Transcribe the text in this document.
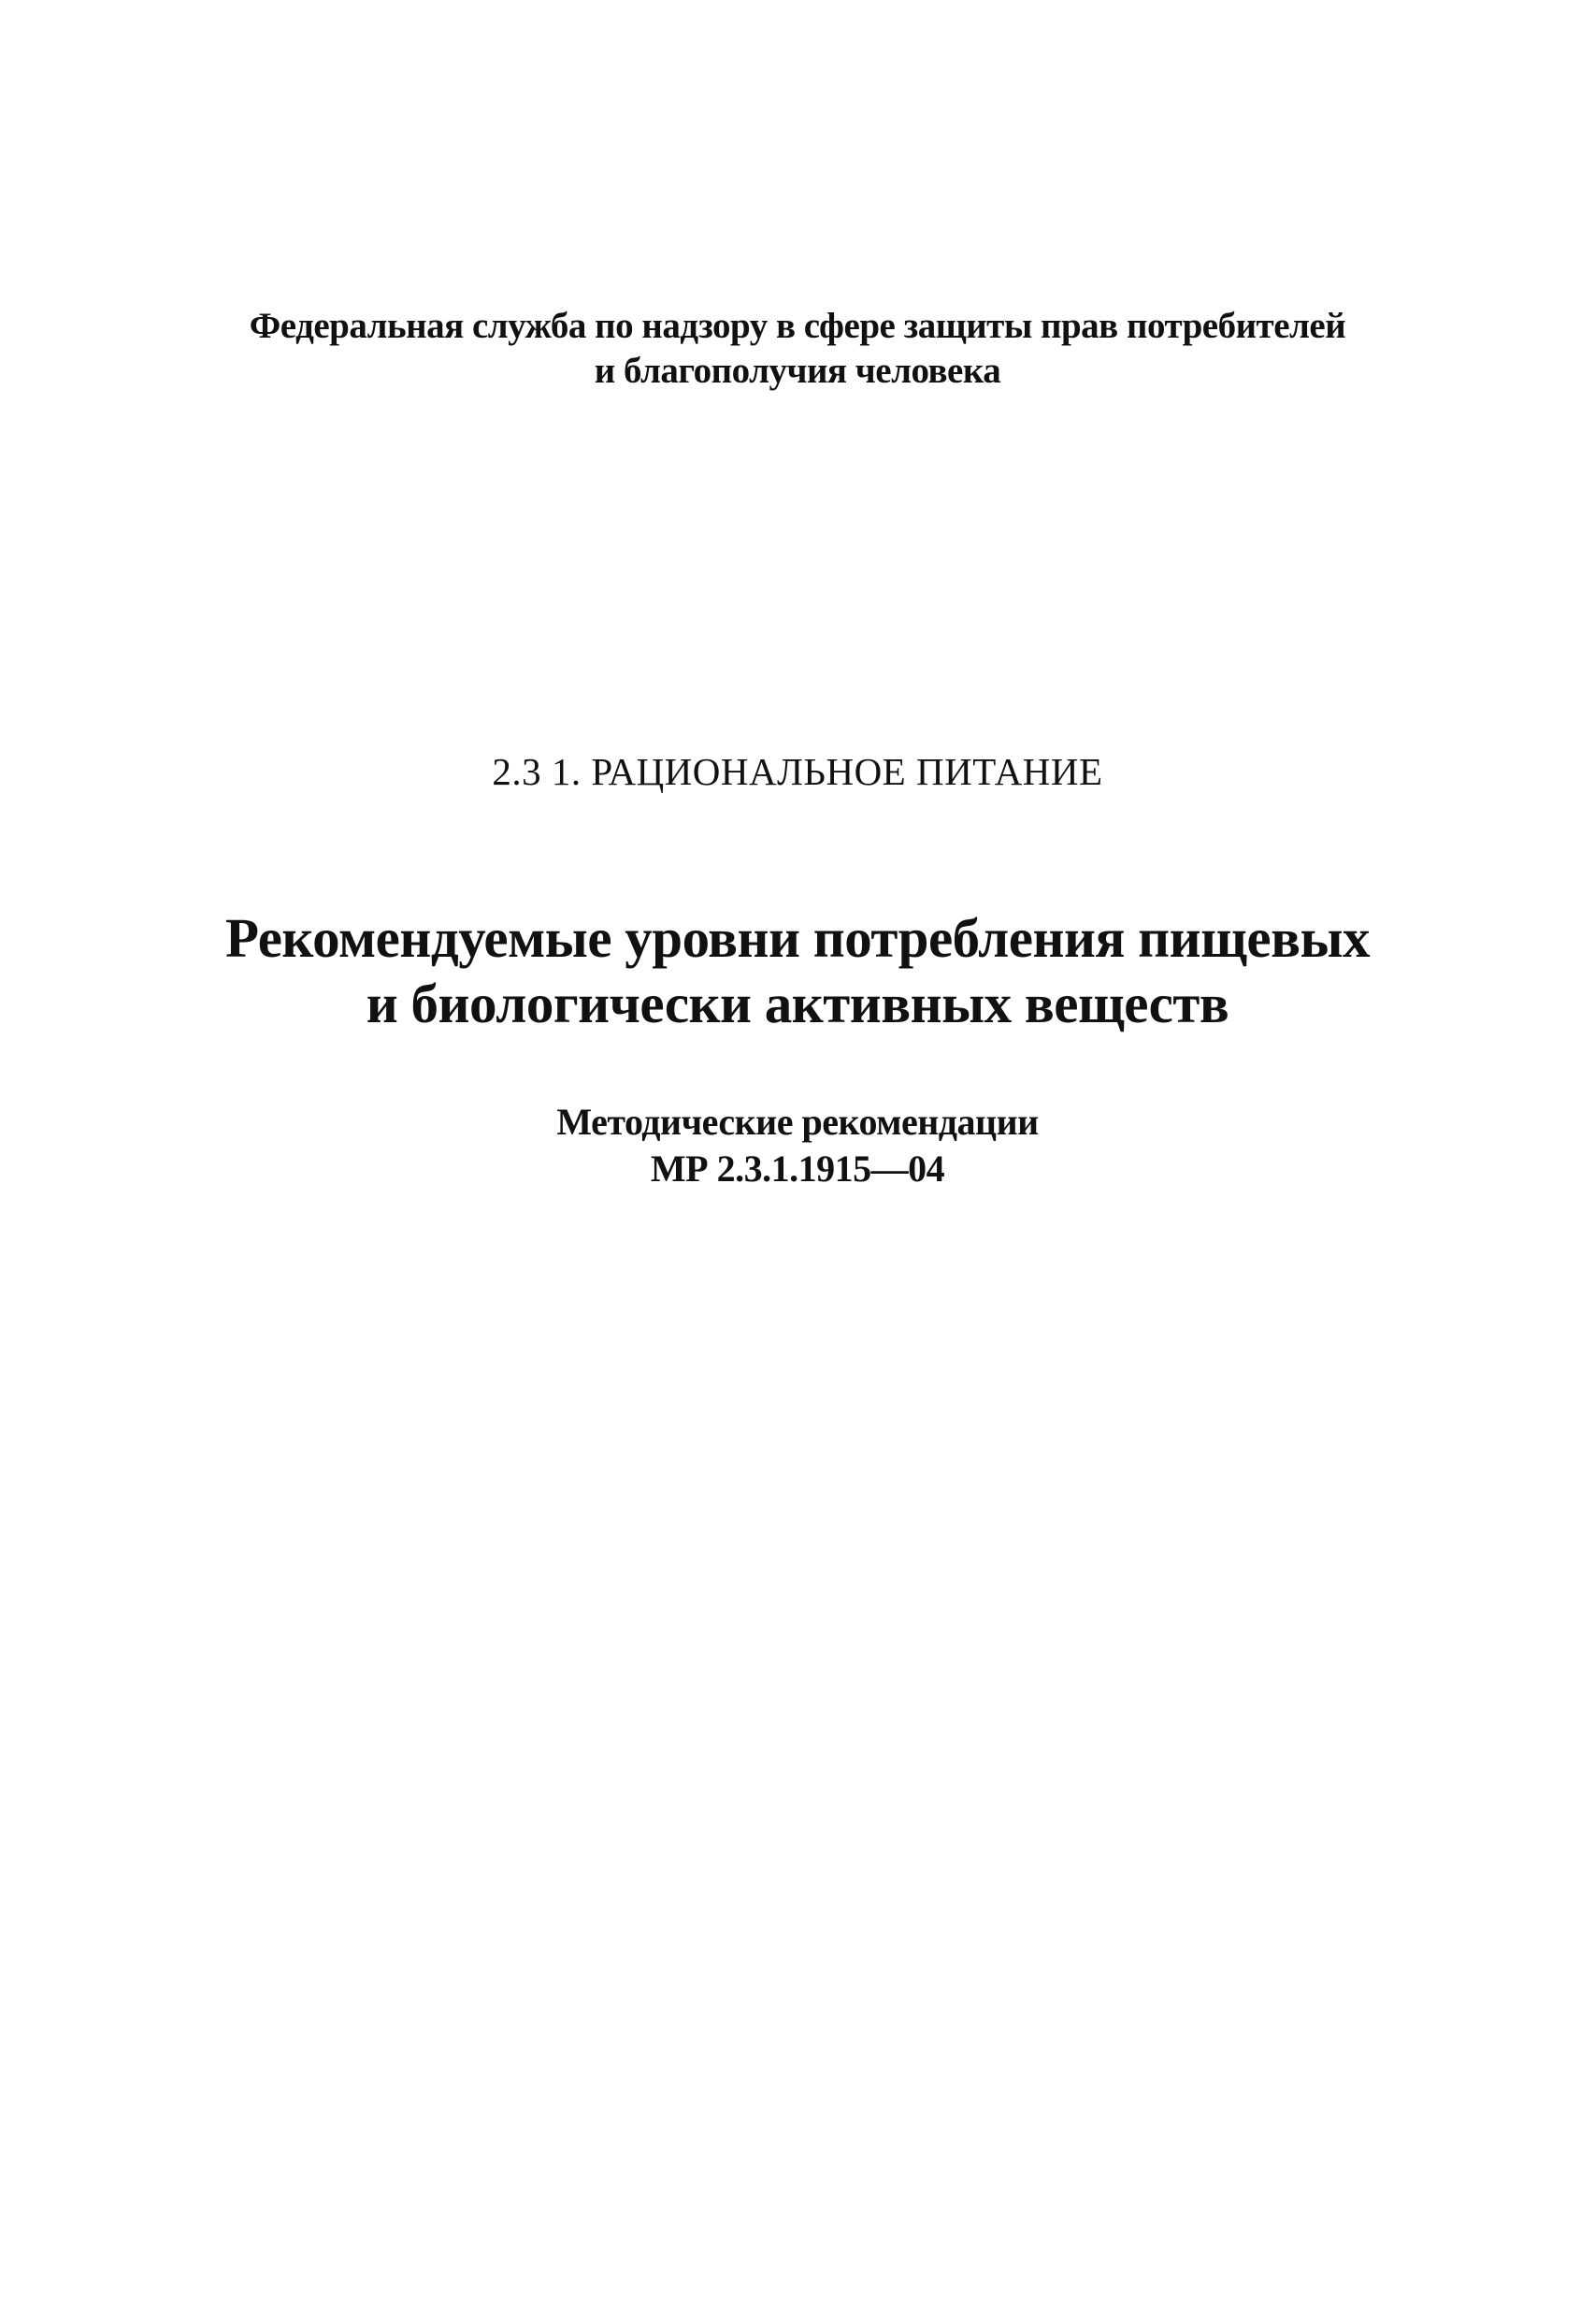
Федеральная служба по надзору в сфере защиты прав потребителей
и благополучия человека
2.3 1. РАЦИОНАЛЬНОЕ ПИТАНИЕ
Рекомендуемые уровни потребления пищевых
и биологически активных веществ
Методические рекомендации
МР 2.3.1.1915—04
